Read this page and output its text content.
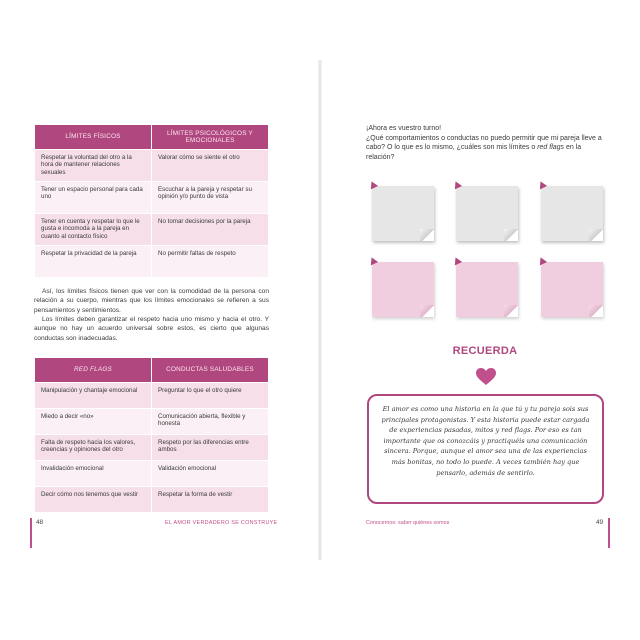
LÍMITES FÍSICOS	LÍMITES PSICOLÓGICOS Y EMOCIONALES
Respetar la voluntad del otro a la hora de mantener relaciones sexuales	Valorar cómo se siente el otro
Tener un espacio personal para cada uno	Escuchar a la pareja y respetar su opinión y/o punto de vista
Tener en cuenta y respetar lo que le gusta e incomoda a la pareja en cuanto al contacto físico	No tomar decisiones por la pareja
Respetar la privacidad de la pareja	No permitir faltas de respeto

Así, los límites físicos tienen que ver con la comodidad de la persona con relación a su cuerpo, mientras que los límites emocionales se refieren a sus pensamientos y sentimientos.

Los límites deben garantizar el respeto hacia uno mismo y hacia el otro. Y aunque no hay un acuerdo universal sobre estos, es cierto que algunas conductas son inadecuadas.

RED FLAGS	CONDUCTAS SALUDABLES
Manipulación y chantaje emocional	Preguntar lo que el otro quiere
Miedo a decir «no»	Comunicación abierta, flexible y honesta
Falta de respeto hacia los valores, creencias y opiniones del otro	Respeto por las diferencias entre ambos
Invalidación emocional	Validación emocional
Decir cómo nos tenemos que vestir	Respetar la forma de vestir
48	EL AMOR VERDADERO SE CONSTRUYE

¡Ahora es vuestro turno!
¿Qué comportamientos o conductas no puedo permitir que mi pareja lleve a cabo? O lo que es lo mismo, ¿cuáles son mis límites o red flags en la relación?

RECUERDA

El amor es como una historia en la que tú y tu pareja sois sus principales protagonistas. Y esta historia puede estar cargada de experiencias pasadas, mitos y red flags. Por eso es tan importante que os conozcáis y practiquéis una comunicación sincera. Porque, aunque el amor sea una de las experiencias más bonitas, no todo lo puede. A veces también hay que pensarlo, además de sentirlo.

Conocernos: saber quiénes somos	49
